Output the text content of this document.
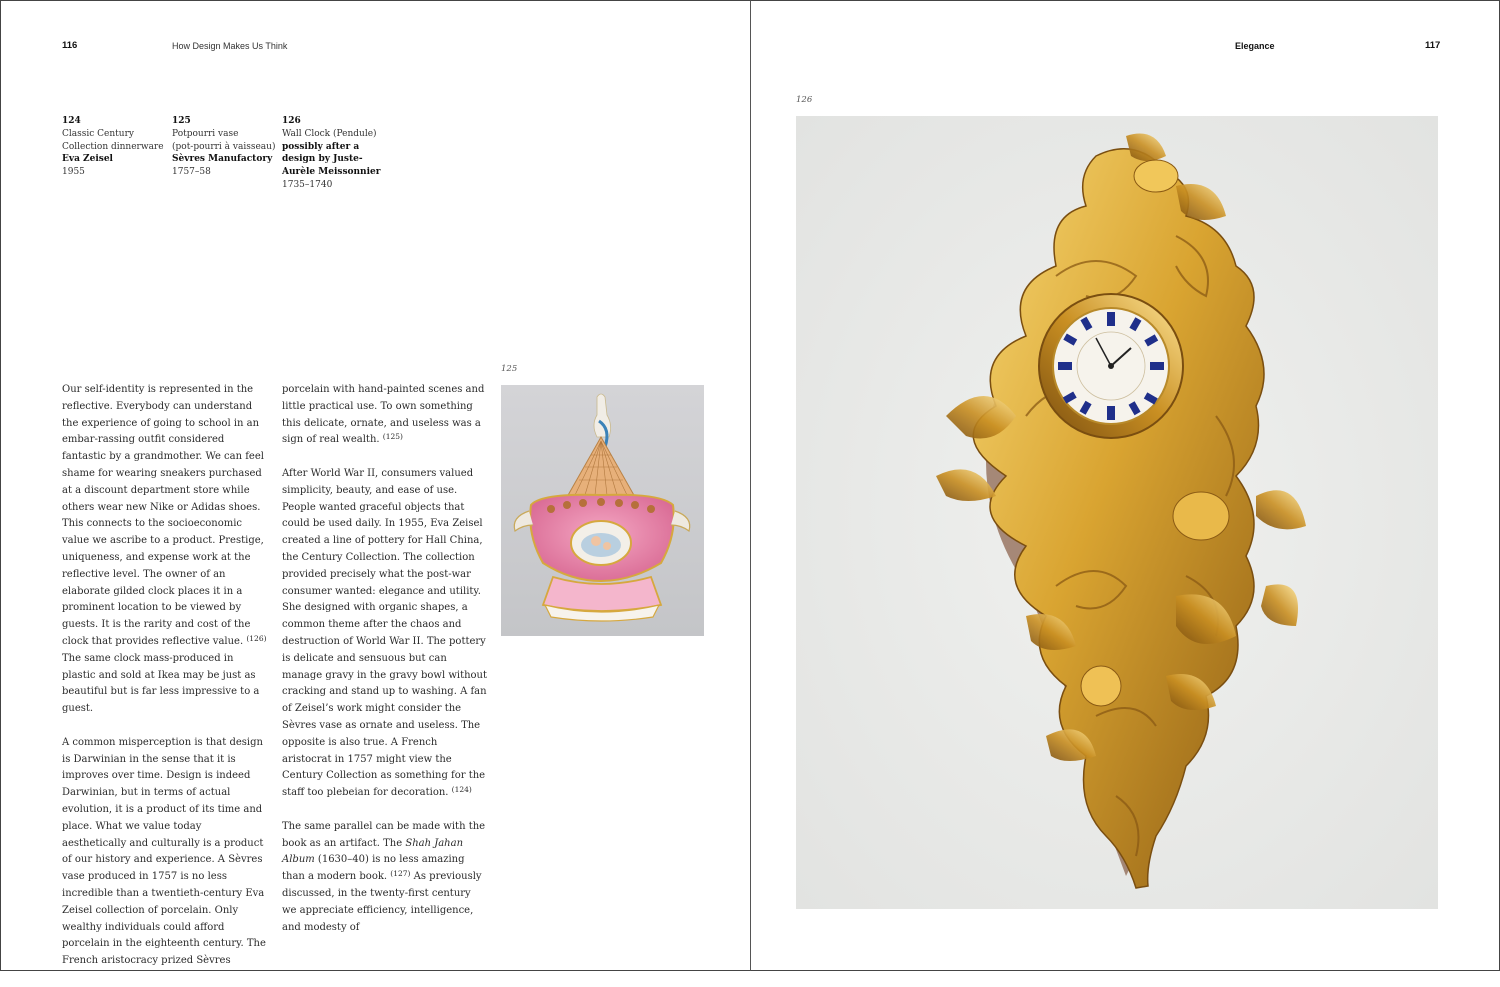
116	How Design Makes Us Think
124
Classic Century
Collection dinnerware
Eva Zeisel
1955
125
Potpourri vase
(pot-pourri à vaisseau)
Sèvres Manufactory
1757–58
126
Wall Clock (Pendule)
possibly after a
design by Juste-
Aurèle Meissonnier
1735–1740

Our self-identity is represented in the reflective. Everybody can understand the experience of going to school in an embar-rassing outfit considered fantastic by a grandmother. We can feel shame for wearing sneakers purchased at a discount department store while others wear new Nike or Adidas shoes. This connects to the socioeconomic value we ascribe to a product. Prestige, uniqueness, and expense work at the reflective level. The owner of an elaborate gilded clock places it in a prominent location to be viewed by guests. It is the rarity and cost of the clock that provides reflective value. $^{(126)}$ The same clock mass-produced in plastic and sold at Ikea may be just as beautiful but is far less impressive to a guest.

A common misperception is that design is Darwinian in the sense that it is improves over time. Design is indeed Darwinian, but in terms of actual evolution, it is a product of its time and place. What we value today aesthetically and culturally is a product of our history and experience. A Sèvres vase produced in 1757 is no less incredible than a twentieth-century Eva Zeisel collection of porcelain. Only wealthy individuals could afford porcelain in the eighteenth century. The French aristocracy prized Sèvres

porcelain with hand-painted scenes and little practical use. To own something this delicate, ornate, and useless was a sign of real wealth. $^{(125)}$

After World War II, consumers valued simplicity, beauty, and ease of use. People wanted graceful objects that could be used daily. In 1955, Eva Zeisel created a line of pottery for Hall China, the Century Collection. The collection provided precisely what the post-war consumer wanted: elegance and utility. She designed with organic shapes, a common theme after the chaos and destruction of World War II. The pottery is delicate and sensuous but can manage gravy in the gravy bowl without cracking and stand up to washing. A fan of Zeisel’s work might consider the Sèvres vase as ornate and useless. The opposite is also true. A French aristocrat in 1757 might view the Century Collection as something for the staff too plebeian for decoration. $^{(124)}$

The same parallel can be made with the book as an artifact. The Shah Jahan Album (1630–40) is no less amazing than a modern book. $^{(127)}$ As previously discussed, in the twenty-first century we appreciate efficiency, intelligence, and modesty of

125
Elegance	117
126
